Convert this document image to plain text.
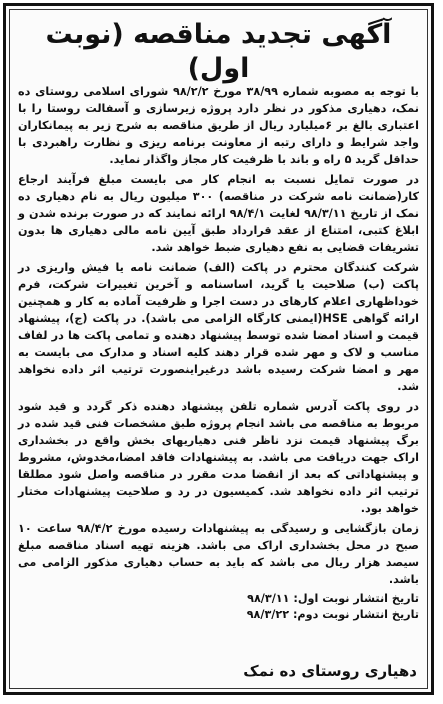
آگهی تجدید مناقصه (نوبت اول)

با توجه به مصوبه شماره ۳۸/۹۹ مورخ ۹۸/۲/۲ شورای اسلامی روستای ده نمک، دهیاری مذکور در نظر دارد پروژه زیرسازی و آسفالت روستا را با اعتباری بالغ بر ۶میلیارد ریال از طریق مناقصه به شرح زیر به پیمانکاران واجد شرایط و دارای رتبه از معاونت برنامه ریزی و نظارت راهبردی با حداقل گرید ۵ راه و باند با ظرفیت کار مجاز واگذار نماید.

در صورت تمایل نسبت به انجام کار می بایست مبلغ فرآیند ارجاع کار(ضمانت نامه شرکت در مناقصه) ۳۰۰ میلیون ریال به نام دهیاری ده نمک از تاریخ ۹۸/۳/۱۱ لغایت ۹۸/۴/۱ ارائه نمایند که در صورت برنده شدن و ابلاغ کتبی، امتناع از عقد قرارداد طبق آیین نامه مالی دهیاری ها بدون تشریفات قضایی به نفع دهیاری ضبط خواهد شد.

شرکت کنندگان محترم در پاکت (الف) ضمانت نامه یا فیش واریزی در پاکت (ب) صلاحیت یا گرید، اساسنامه و آخرین تغییرات شرکت، فرم خوداظهاری اعلام کارهای در دست اجرا و ظرفیت آماده به کار و همچنین ارائه گواهی HSE(ایمنی کارگاه الزامی می باشد). در پاکت (ج)، پیشنهاد قیمت و اسناد امضا شده توسط پیشنهاد دهنده و تمامی پاکت ها در لفاف مناسب و لاک و مهر شده قرار دهند کلیه اسناد و مدارک می بایست به مهر و امضا شرکت رسیده باشد درغیراینصورت ترتیب اثر داده نخواهد شد.

در روی پاکت آدرس شماره تلفن پیشنهاد دهنده ذکر گردد و قید شود مربوط به مناقصه می باشد انجام پروژه طبق مشخصات فنی قید شده در برگ پیشنهاد قیمت نزد ناظر فنی دهیاریهای بخش واقع در بخشداری اراک جهت دریافت می باشد. به پیشنهادات فاقد امضا،مخدوش، مشروط و پیشنهاداتی که بعد از انقضا مدت مقرر در مناقصه واصل شود مطلقا ترتیب اثر داده نخواهد شد. کمیسیون در رد و صلاحیت پیشنهادات مختار خواهد بود.

زمان بازگشایی و رسیدگی به پیشنهادات رسیده مورخ ۹۸/۴/۲ ساعت ۱۰ صبح در محل بخشداری اراک می باشد. هزینه تهیه اسناد مناقصه مبلغ سیصد هزار ریال می باشد که باید به حساب دهیاری مذکور الزامی می باشد.

تاریخ انتشار نوبت اول: ۹۸/۳/۱۱
تاریخ انتشار نوبت دوم: ۹۸/۳/۲۲
دهیاری روستای ده نمک
